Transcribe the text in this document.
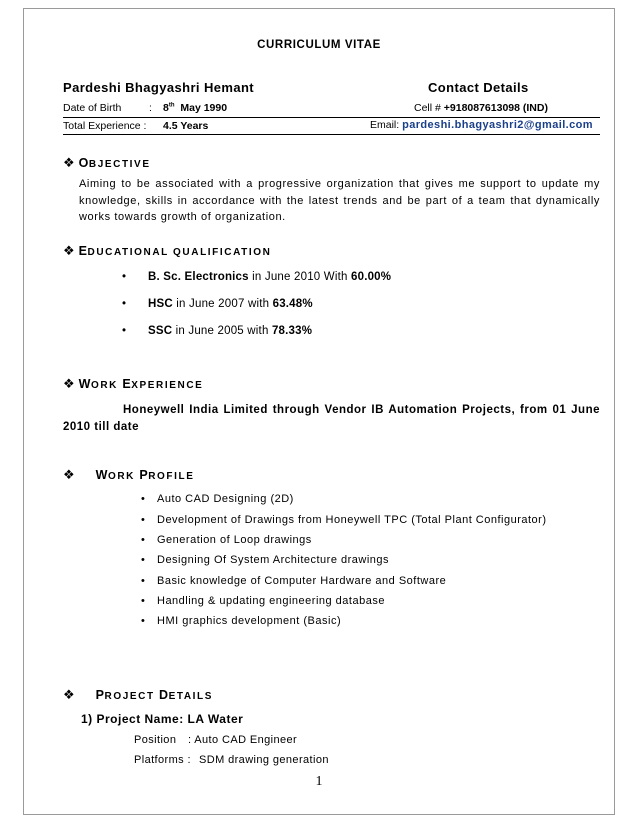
CURRICULUM VITAE
Pardeshi Bhagyashri Hemant	Contact Details
Date of Birth	: 8th May 1990	Cell # +918087613098 (IND)
Total Experience : 4.5 Years	Email: pardeshi.bhagyashri2@gmail.com
❖ OBJECTIVE
Aiming to be associated with a progressive organization that gives me support to update my knowledge, skills in accordance with the latest trends and be part of a team that dynamically works towards growth of organization.
❖ EDUCATIONAL QUALIFICATION
• B. Sc. Electronics in June 2010 With 60.00%
• HSC in June 2007 with 63.48%
• SSC in June 2005 with 78.33%
❖ WORK EXPERIENCE
Honeywell India Limited through Vendor IB Automation Projects, from 01 June 2010 till date
❖ WORK PROFILE
• Auto CAD Designing (2D)
• Development of Drawings from Honeywell TPC (Total Plant Configurator)
• Generation of Loop drawings
• Designing Of System Architecture drawings
• Basic knowledge of Computer Hardware and Software
• Handling & updating engineering database
• HMI graphics development (Basic)
❖ PROJECT DETAILS
1) Project Name: LA Water
Position : Auto CAD Engineer
Platforms : SDM drawing generation
1
